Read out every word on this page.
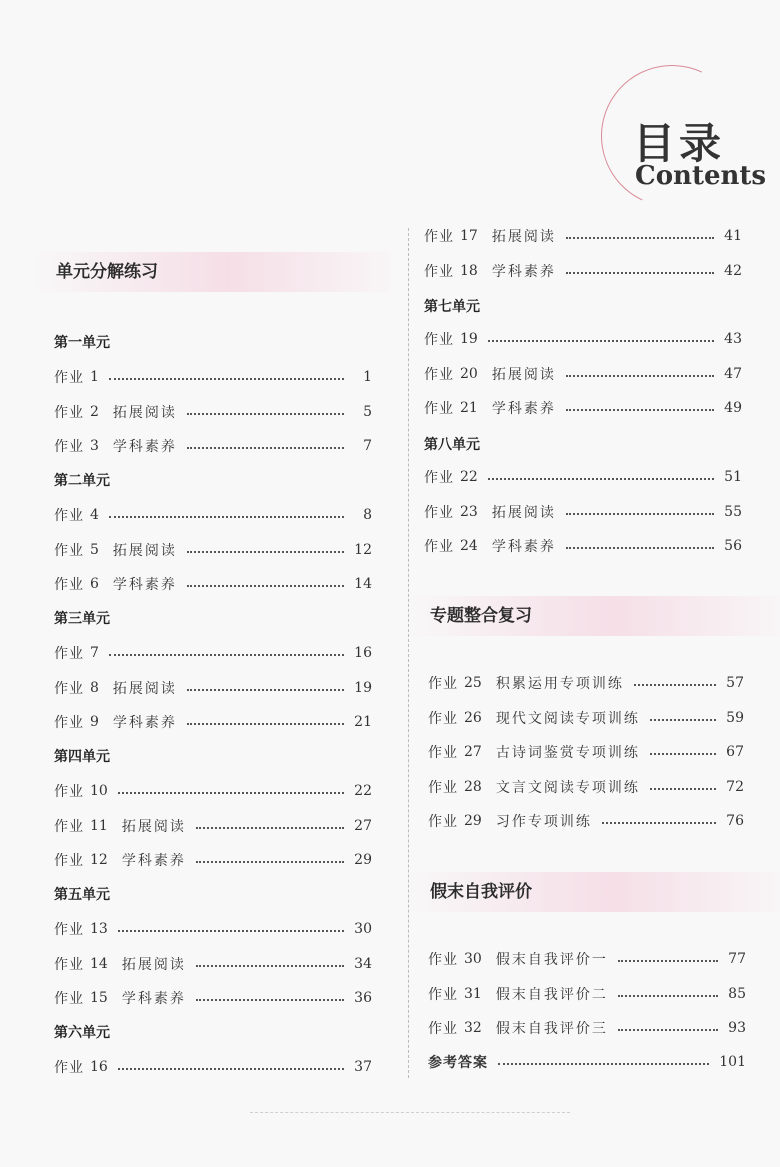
目录
Contents
单元分解练习
专题整合复习
假末自我评价
第一单元
作业 1	1
作业 2 拓展阅读	5
作业 3 学科素养	7
第二单元
作业 4	8
作业 5 拓展阅读	12
作业 6 学科素养	14
第三单元
作业 7	16
作业 8 拓展阅读	19
作业 9 学科素养	21
第四单元
作业 10	22
作业 11 拓展阅读	27
作业 12 学科素养	29
第五单元
作业 13	30
作业 14 拓展阅读	34
作业 15 学科素养	36
第六单元
作业 16	37
作业 17 拓展阅读	41
作业 18 学科素养	42
第七单元
作业 19	43
作业 20 拓展阅读	47
作业 21 学科素养	49
第八单元
作业 22	51
作业 23 拓展阅读	55
作业 24 学科素养	56
作业 25 积累运用专项训练	57
作业 26 现代文阅读专项训练	59
作业 27 古诗词鉴赏专项训练	67
作业 28 文言文阅读专项训练	72
作业 29 习作专项训练	76
作业 30 假末自我评价一	77
作业 31 假末自我评价二	85
作业 32 假末自我评价三	93
参考答案	101
